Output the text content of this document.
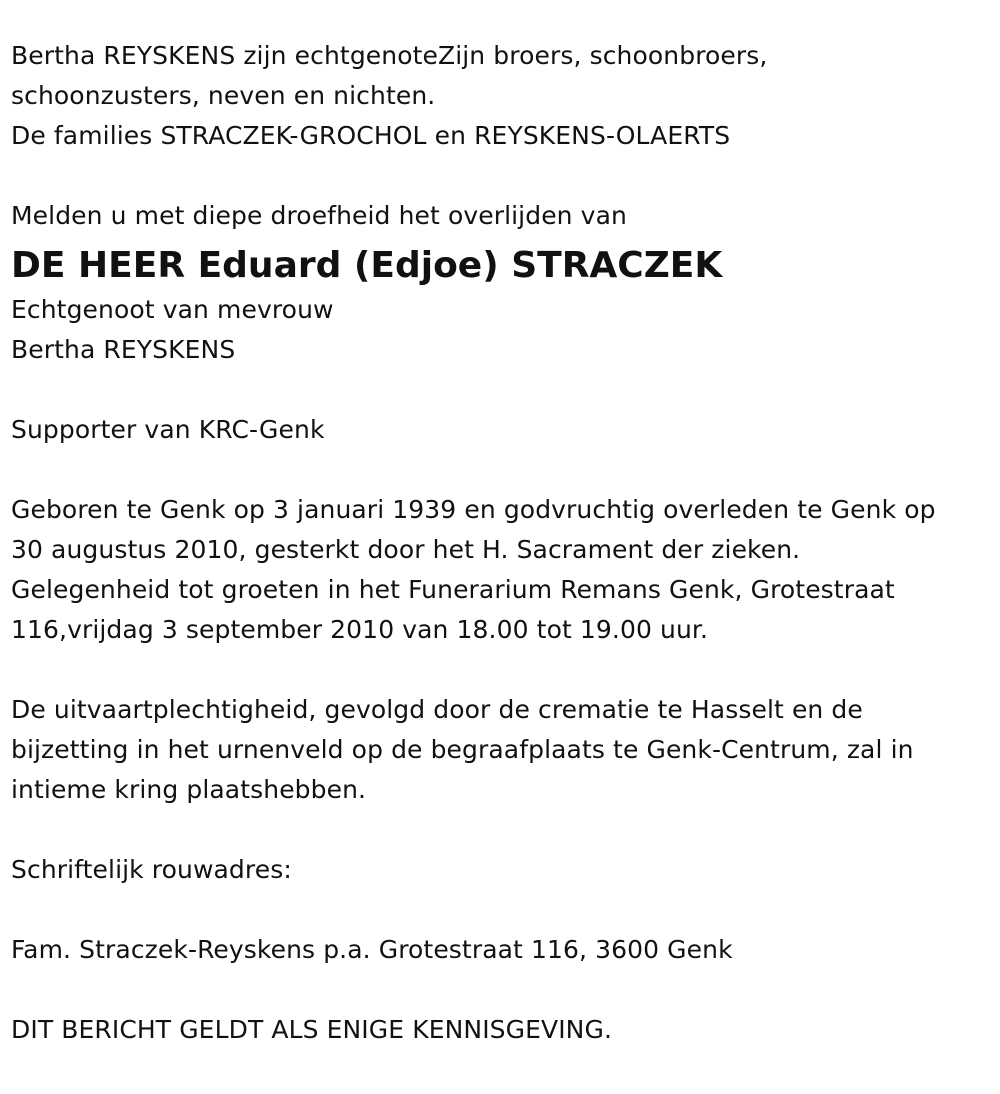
Bertha REYSKENS zijn echtgenoteZijn broers, schoonbroers,
schoonzusters, neven en nichten.
De families STRACZEK-GROCHOL en REYSKENS-OLAERTS
Melden u met diepe droefheid het overlijden van
DE HEER Eduard (Edjoe) STRACZEK
Echtgenoot van mevrouw
Bertha REYSKENS
Supporter van KRC-Genk
Geboren te Genk op 3 januari 1939 en godvruchtig overleden te Genk op
30 augustus 2010, gesterkt door het H. Sacrament der zieken.
Gelegenheid tot groeten in het Funerarium Remans Genk, Grotestraat
116,vrijdag 3 september 2010 van 18.00 tot 19.00 uur.
De uitvaartplechtigheid, gevolgd door de crematie te Hasselt en de
bijzetting in het urnenveld op de begraafplaats te Genk-Centrum, zal in
intieme kring plaatshebben.
Schriftelijk rouwadres:
Fam. Straczek-Reyskens p.a. Grotestraat 116, 3600 Genk
DIT BERICHT GELDT ALS ENIGE KENNISGEVING.
